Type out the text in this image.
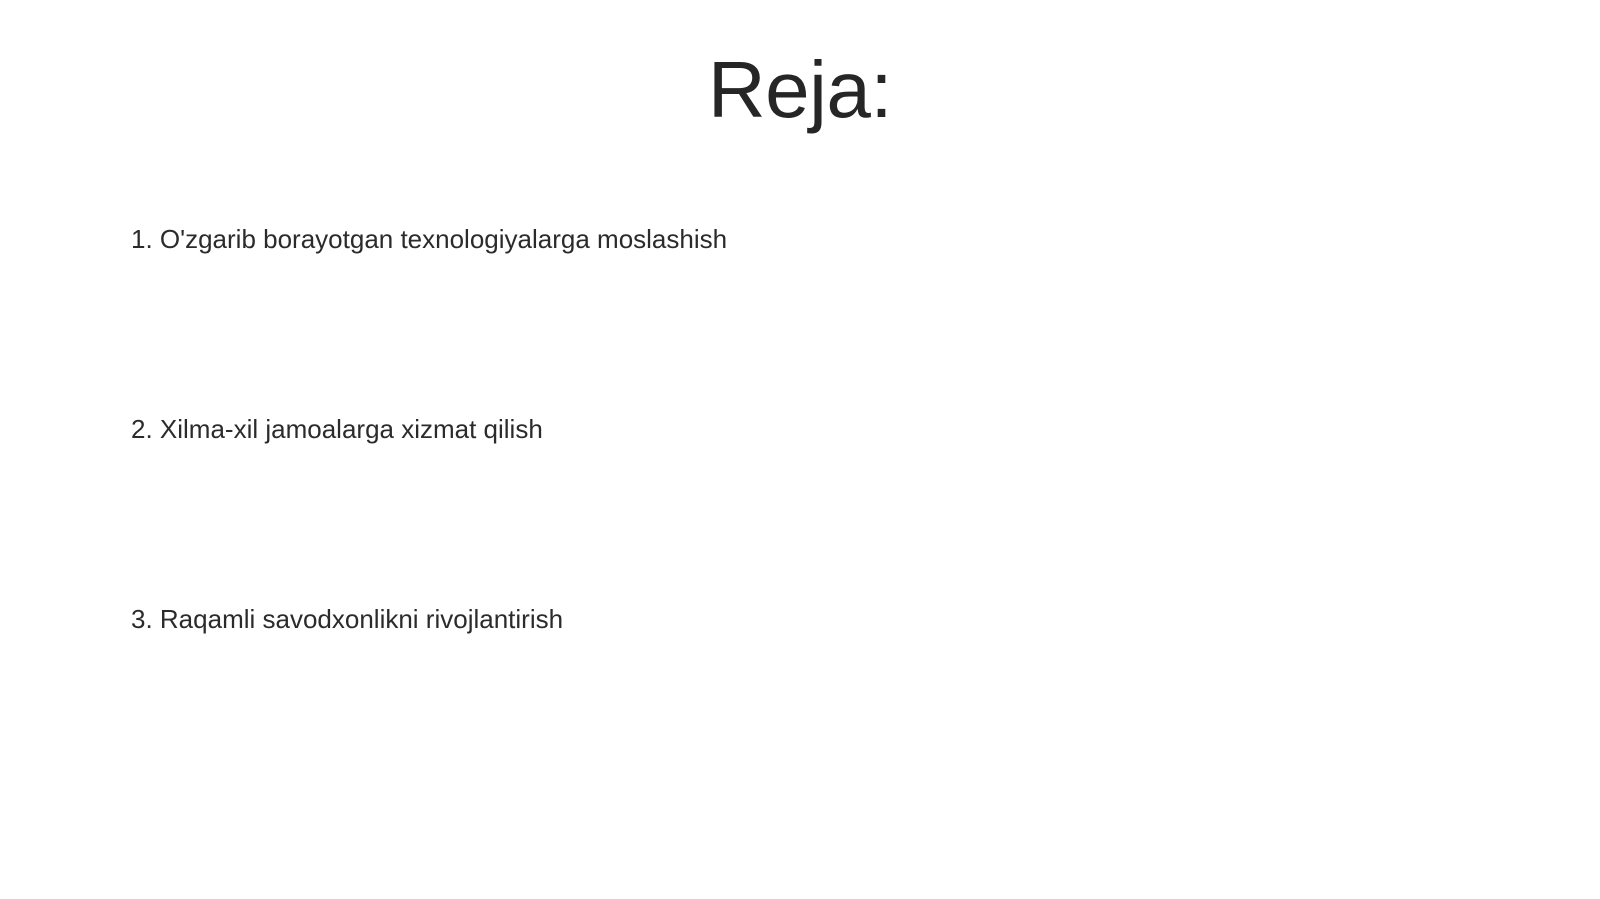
Reja:
1. O'zgarib borayotgan texnologiyalarga moslashish
2. Xilma-xil jamoalarga xizmat qilish
3. Raqamli savodxonlikni rivojlantirish
